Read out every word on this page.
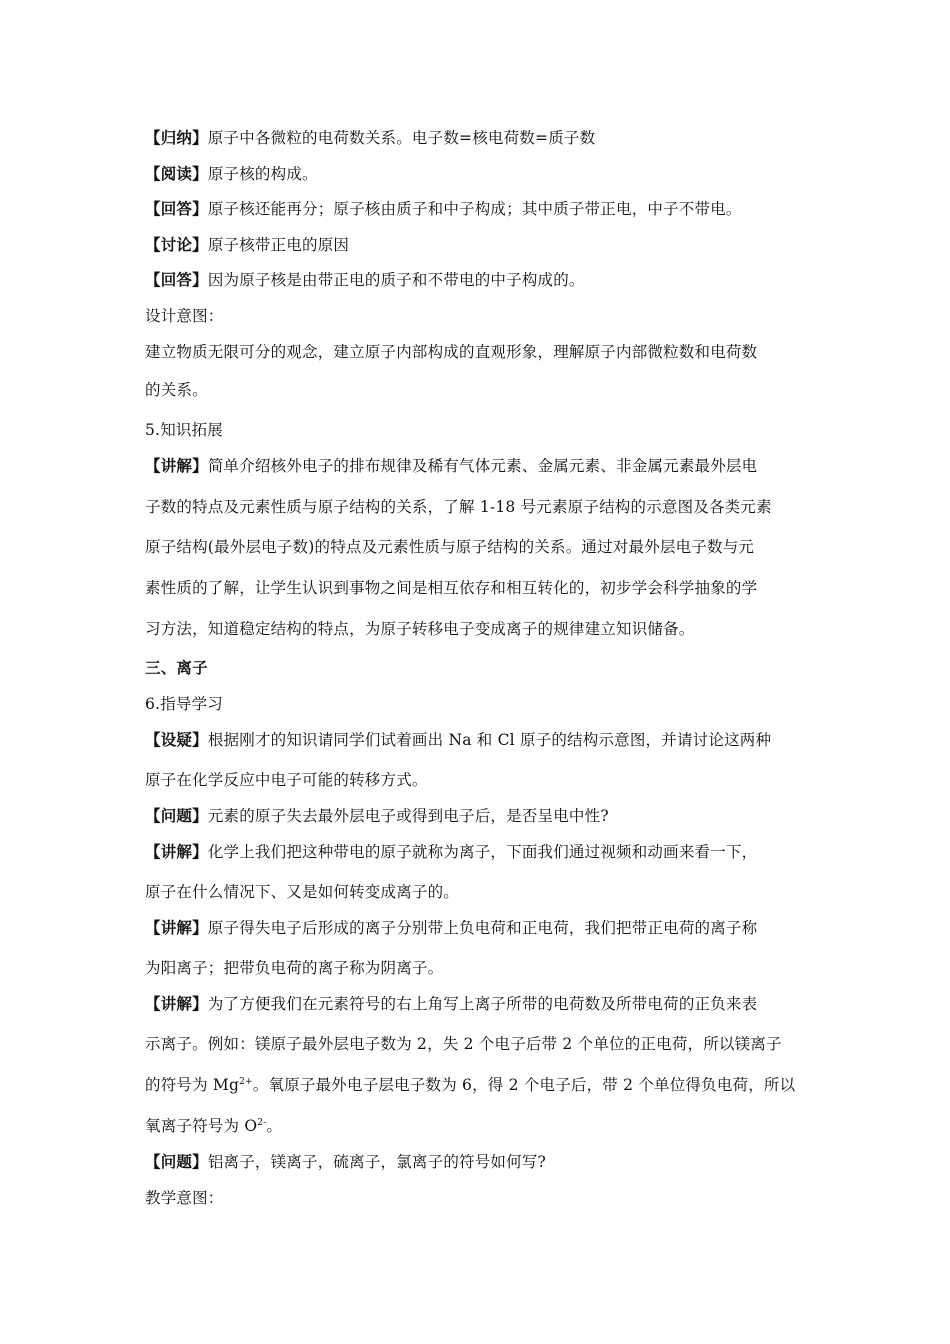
【归纳】原子中各微粒的电荷数关系。电子数=核电荷数=质子数
【阅读】原子核的构成。
【回答】原子核还能再分；原子核由质子和中子构成；其中质子带正电，中子不带电。
【讨论】原子核带正电的原因
【回答】因为原子核是由带正电的质子和不带电的中子构成的。
设计意图：
建立物质无限可分的观念，建立原子内部构成的直观形象，理解原子内部微粒数和电荷数
的关系。
5.知识拓展
【讲解】简单介绍核外电子的排布规律及稀有气体元素、金属元素、非金属元素最外层电
子数的特点及元素性质与原子结构的关系，了解 1-18 号元素原子结构的示意图及各类元素
原子结构(最外层电子数)的特点及元素性质与原子结构的关系。通过对最外层电子数与元
素性质的了解，让学生认识到事物之间是相互依存和相互转化的，初步学会科学抽象的学
习方法，知道稳定结构的特点，为原子转移电子变成离子的规律建立知识储备。
三、离子
6.指导学习
【设疑】根据刚才的知识请同学们试着画出 Na 和 Cl 原子的结构示意图，并请讨论这两种
原子在化学反应中电子可能的转移方式。
【问题】元素的原子失去最外层电子或得到电子后，是否呈电中性?
【讲解】化学上我们把这种带电的原子就称为离子，下面我们通过视频和动画来看一下，
原子在什么情况下、又是如何转变成离子的。
【讲解】原子得失电子后形成的离子分别带上负电荷和正电荷，我们把带正电荷的离子称
为阳离子；把带负电荷的离子称为阴离子。
【讲解】为了方便我们在元素符号的右上角写上离子所带的电荷数及所带电荷的正负来表
示离子。例如：镁原子最外层电子数为 2，失 2 个电子后带 2 个单位的正电荷，所以镁离子
的符号为 $Mg^{2+}$。氧原子最外电子层电子数为 6，得 2 个电子后，带 2 个单位得负电荷，所以
氧离子符号为 $O^{2-}$。
【问题】铝离子，镁离子，硫离子，氯离子的符号如何写?
教学意图：
